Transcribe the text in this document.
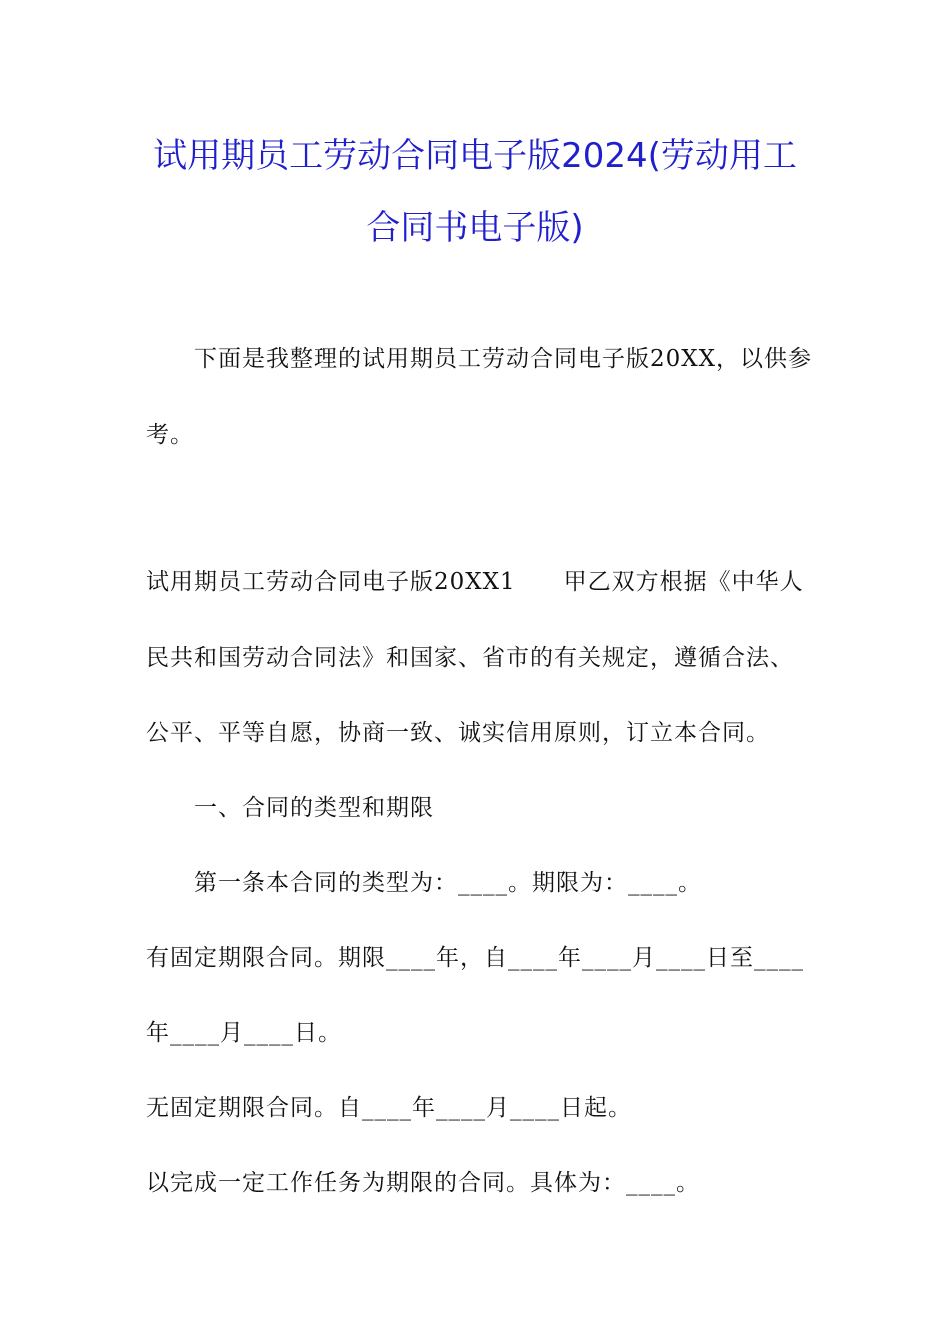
试用期员工劳动合同电子版2024(劳动用工
合同书电子版)
下面是我整理的试用期员工劳动合同电子版20XX，以供参
考。
试用期员工劳动合同电子版20XX1　　甲乙双方根据《中华人
民共和国劳动合同法》和国家、省市的有关规定，遵循合法、
公平、平等自愿，协商一致、诚实信用原则，订立本合同。
一、合同的类型和期限
第一条本合同的类型为：____。期限为：____。
有固定期限合同。期限____年，自____年____月____日至____
年____月____日。
无固定期限合同。自____年____月____日起。
以完成一定工作任务为期限的合同。具体为：____。
